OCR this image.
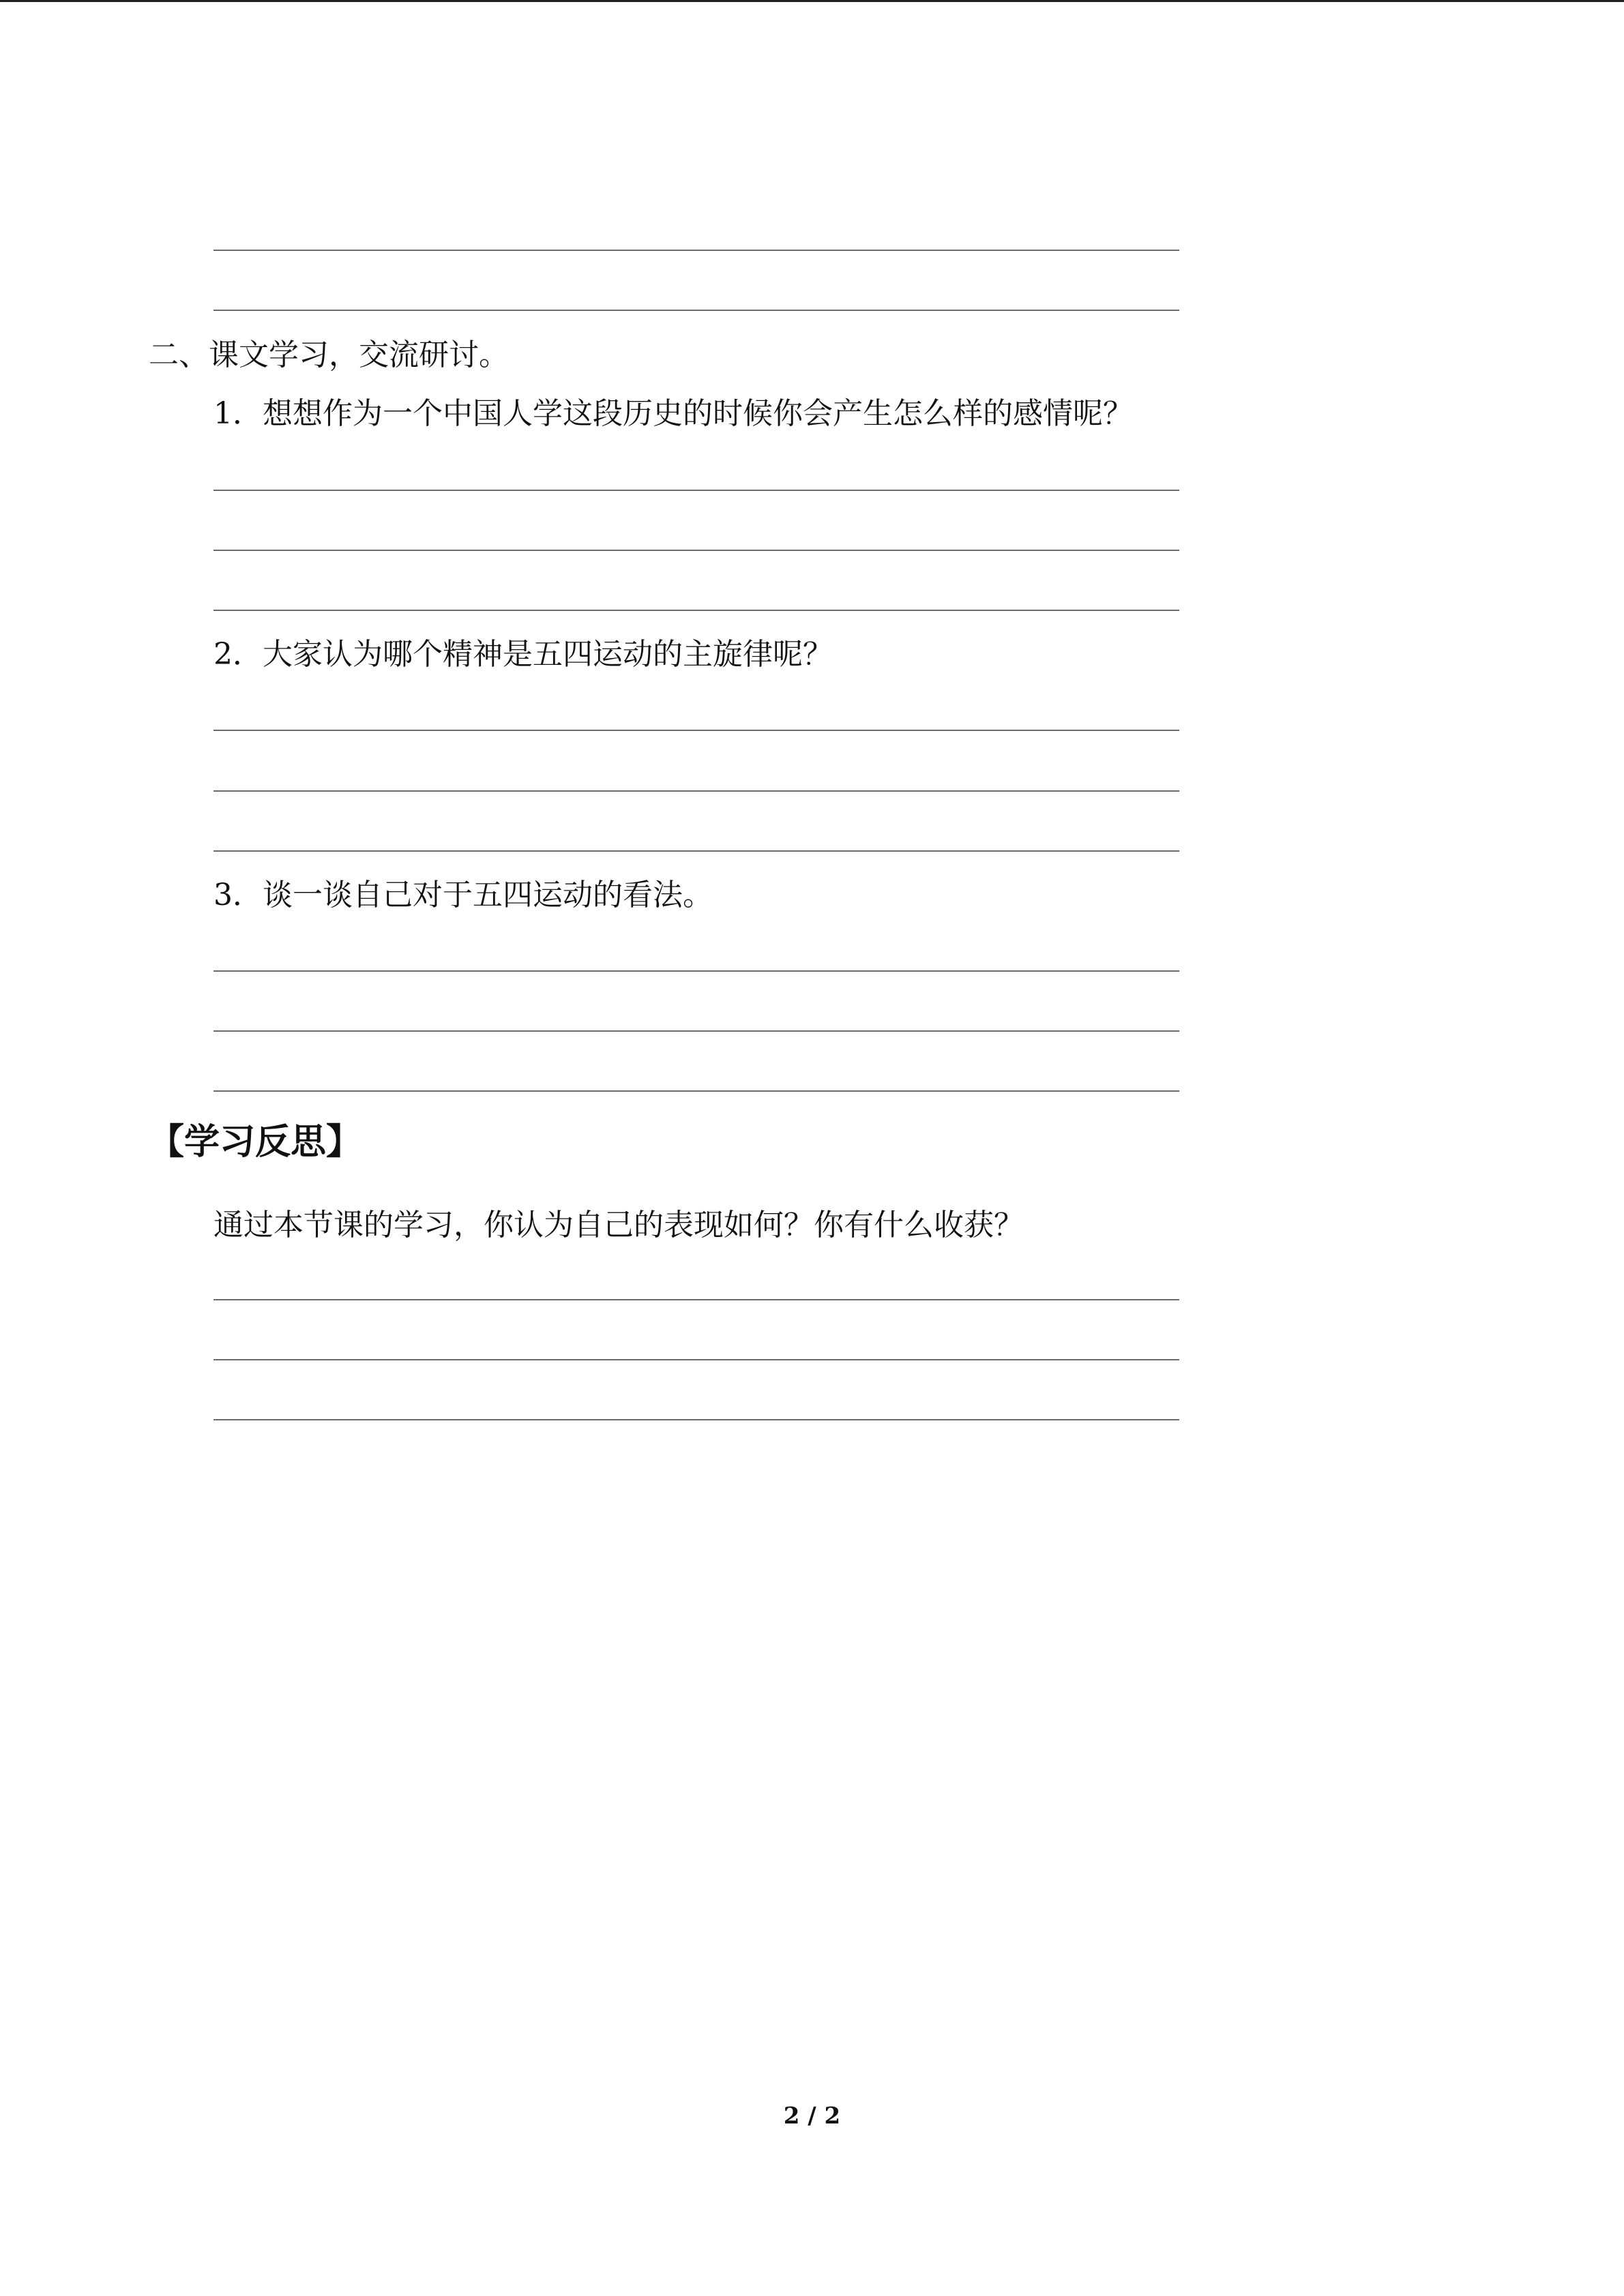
二、课文学习，交流研讨。
1．想想作为一个中国人学这段历史的时候你会产生怎么样的感情呢？
2．大家认为哪个精神是五四运动的主旋律呢？
3．谈一谈自己对于五四运动的看法。
【学习反思】
通过本节课的学习，你认为自己的表现如何？你有什么收获？
2 / 2
